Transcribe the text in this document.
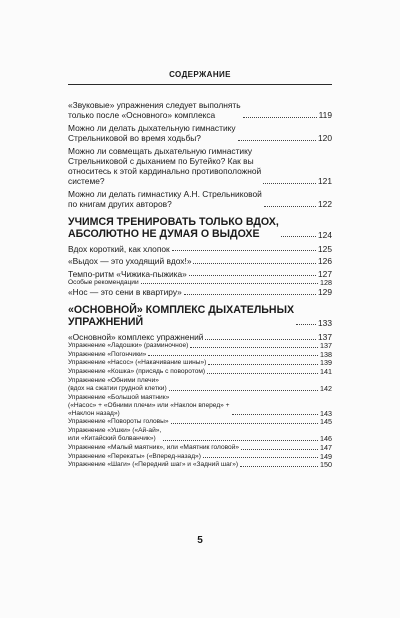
СОДЕРЖАНИЕ
«Звуковые» упражнения следует выполнять
только после «Основного» комплекса	119
Можно ли делать дыхательную гимнастику
Стрельниковой во время ходьбы?	120
Можно ли совмещать дыхательную гимнастику
Стрельниковой с дыханием по Бутейко? Как вы
относитесь к этой кардинально противоположной
системе?	121
Можно ли делать гимнастику А.Н. Стрельниковой
по книгам других авторов?	122
УЧИМСЯ ТРЕНИРОВАТЬ ТОЛЬКО ВДОХ,
АБСОЛЮТНО НЕ ДУМАЯ О ВЫДОХЕ	124
Вдох короткий, как хлопок	125
«Выдох — это уходящий вдох!»	126
Темпо-ритм «Чижика-пыжика»	127
Особые рекомендации	128
«Нос — это сени в квартиру»	129
«ОСНОВНОЙ» КОМПЛЕКС ДЫХАТЕЛЬНЫХ
УПРАЖНЕНИЙ	133
«Основной» комплекс упражнений	137
Упражнение «Ладошки» (разминочное)	137
Упражнение «Погончики»	138
Упражнение «Насос» («Накачивание шины»)	139
Упражнение «Кошка» (присядь с поворотом)	141
Упражнение «Обними плечи»
(вдох на сжатии грудной клетки)	142
Упражнение «Большой маятник»
(«Насос» + «Обними плечи» или «Наклон вперед» +
«Наклон назад»)	143
Упражнение «Повороты головы»	145
Упражнение «Ушки» («Ай-ай»,
или «Китайский болванчик»)	146
Упражнение «Малый маятник», или «Маятник головой»	147
Упражнение «Перекаты» («Вперед-назад»)	149
Упражнение «Шаги» («Передний шаг» и «Задний шаг»)	150
5
